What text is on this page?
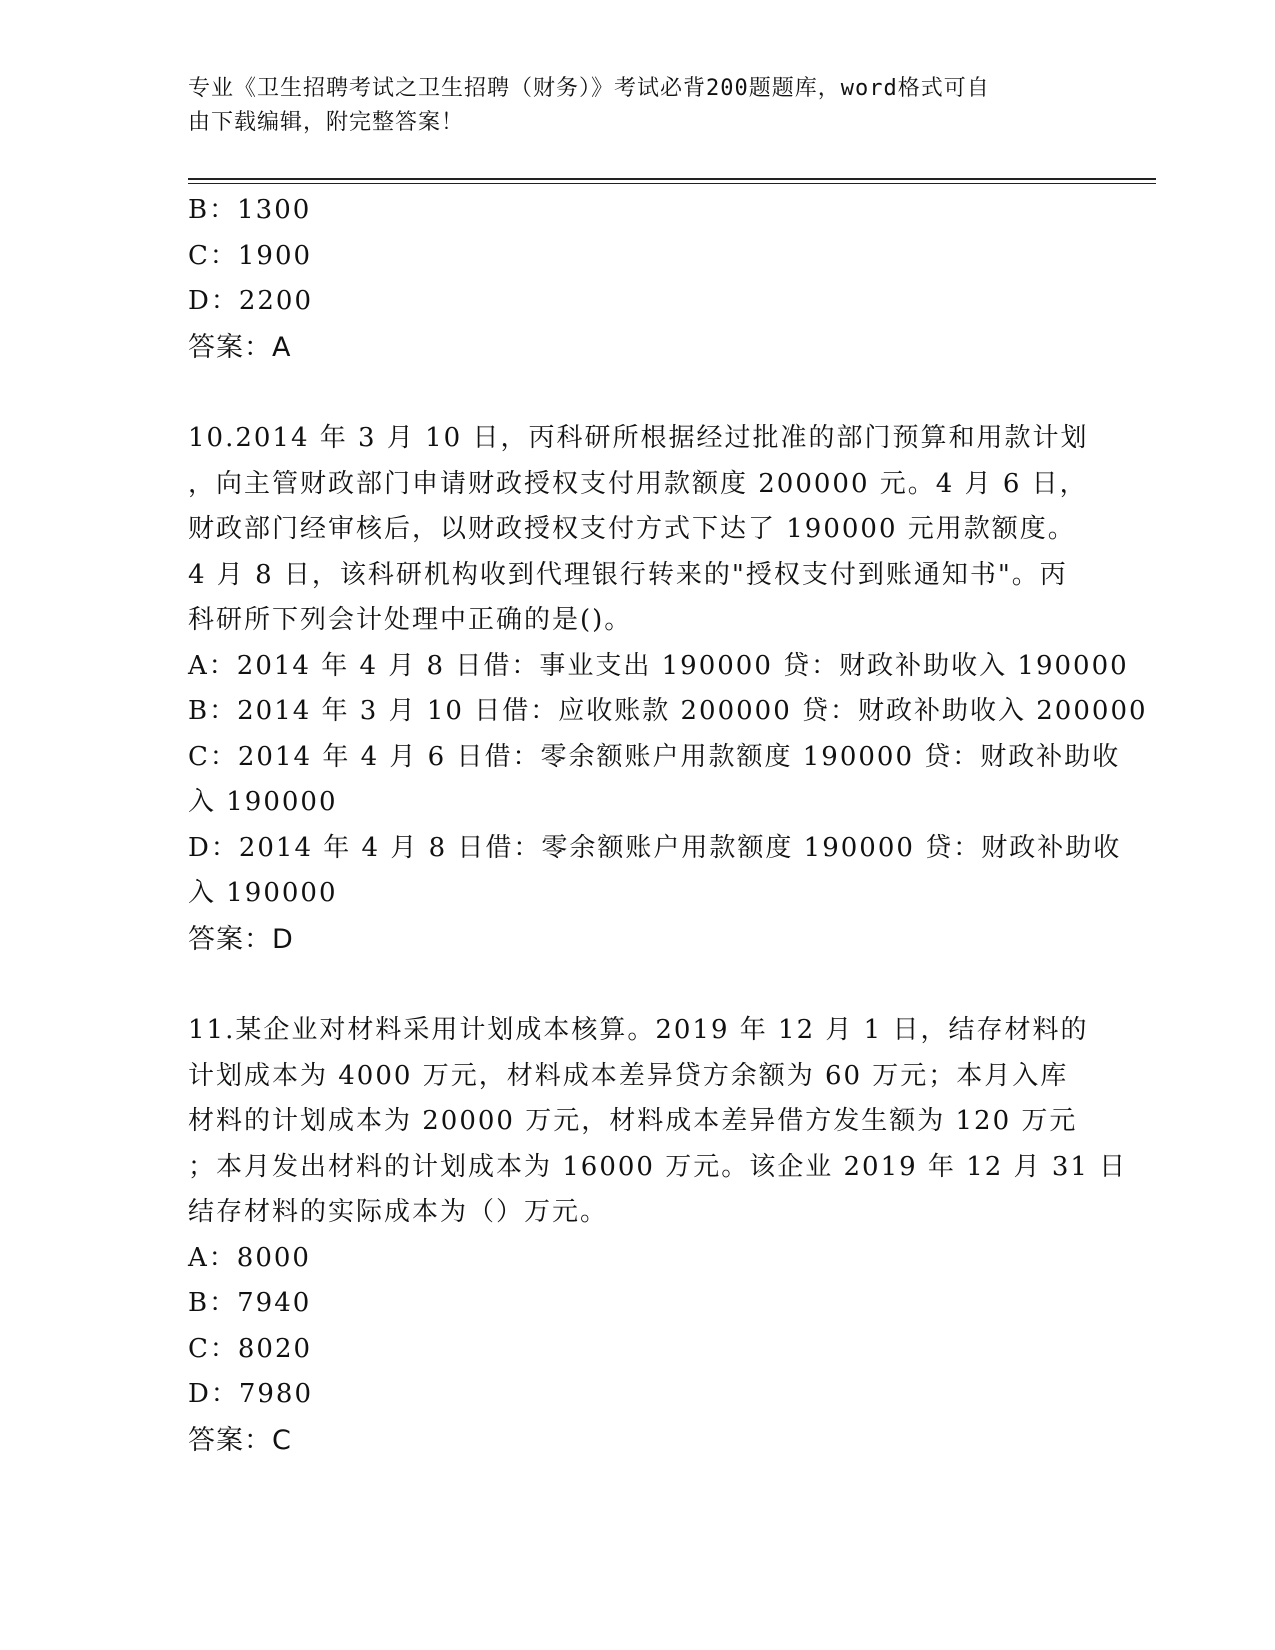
专业《卫生招聘考试之卫生招聘（财务）》考试必背200题题库，word格式可自
由下载编辑，附完整答案！

B：1300

C：1900

D：2200

答案：A

10.2014 年 3 月 10 日，丙科研所根据经过批准的部门预算和用款计划

，向主管财政部门申请财政授权支付用款额度 200000 元。4 月 6 日，

财政部门经审核后，以财政授权支付方式下达了 190000 元用款额度。

4 月 8 日，该科研机构收到代理银行转来的"授权支付到账通知书"。丙

科研所下列会计处理中正确的是()。

A：2014 年 4 月 8 日借：事业支出 190000 贷：财政补助收入 190000

B：2014 年 3 月 10 日借：应收账款 200000 贷：财政补助收入 200000

C：2014 年 4 月 6 日借：零余额账户用款额度 190000 贷：财政补助收

入 190000

D：2014 年 4 月 8 日借：零余额账户用款额度 190000 贷：财政补助收

入 190000

答案：D

11.某企业对材料采用计划成本核算。2019 年 12 月 1 日，结存材料的

计划成本为 4000 万元，材料成本差异贷方余额为 60 万元；本月入库

材料的计划成本为 20000 万元，材料成本差异借方发生额为 120 万元

；本月发出材料的计划成本为 16000 万元。该企业 2019 年 12 月 31 日

结存材料的实际成本为（）万元。

A：8000

B：7940

C：8020

D：7980

答案：C
